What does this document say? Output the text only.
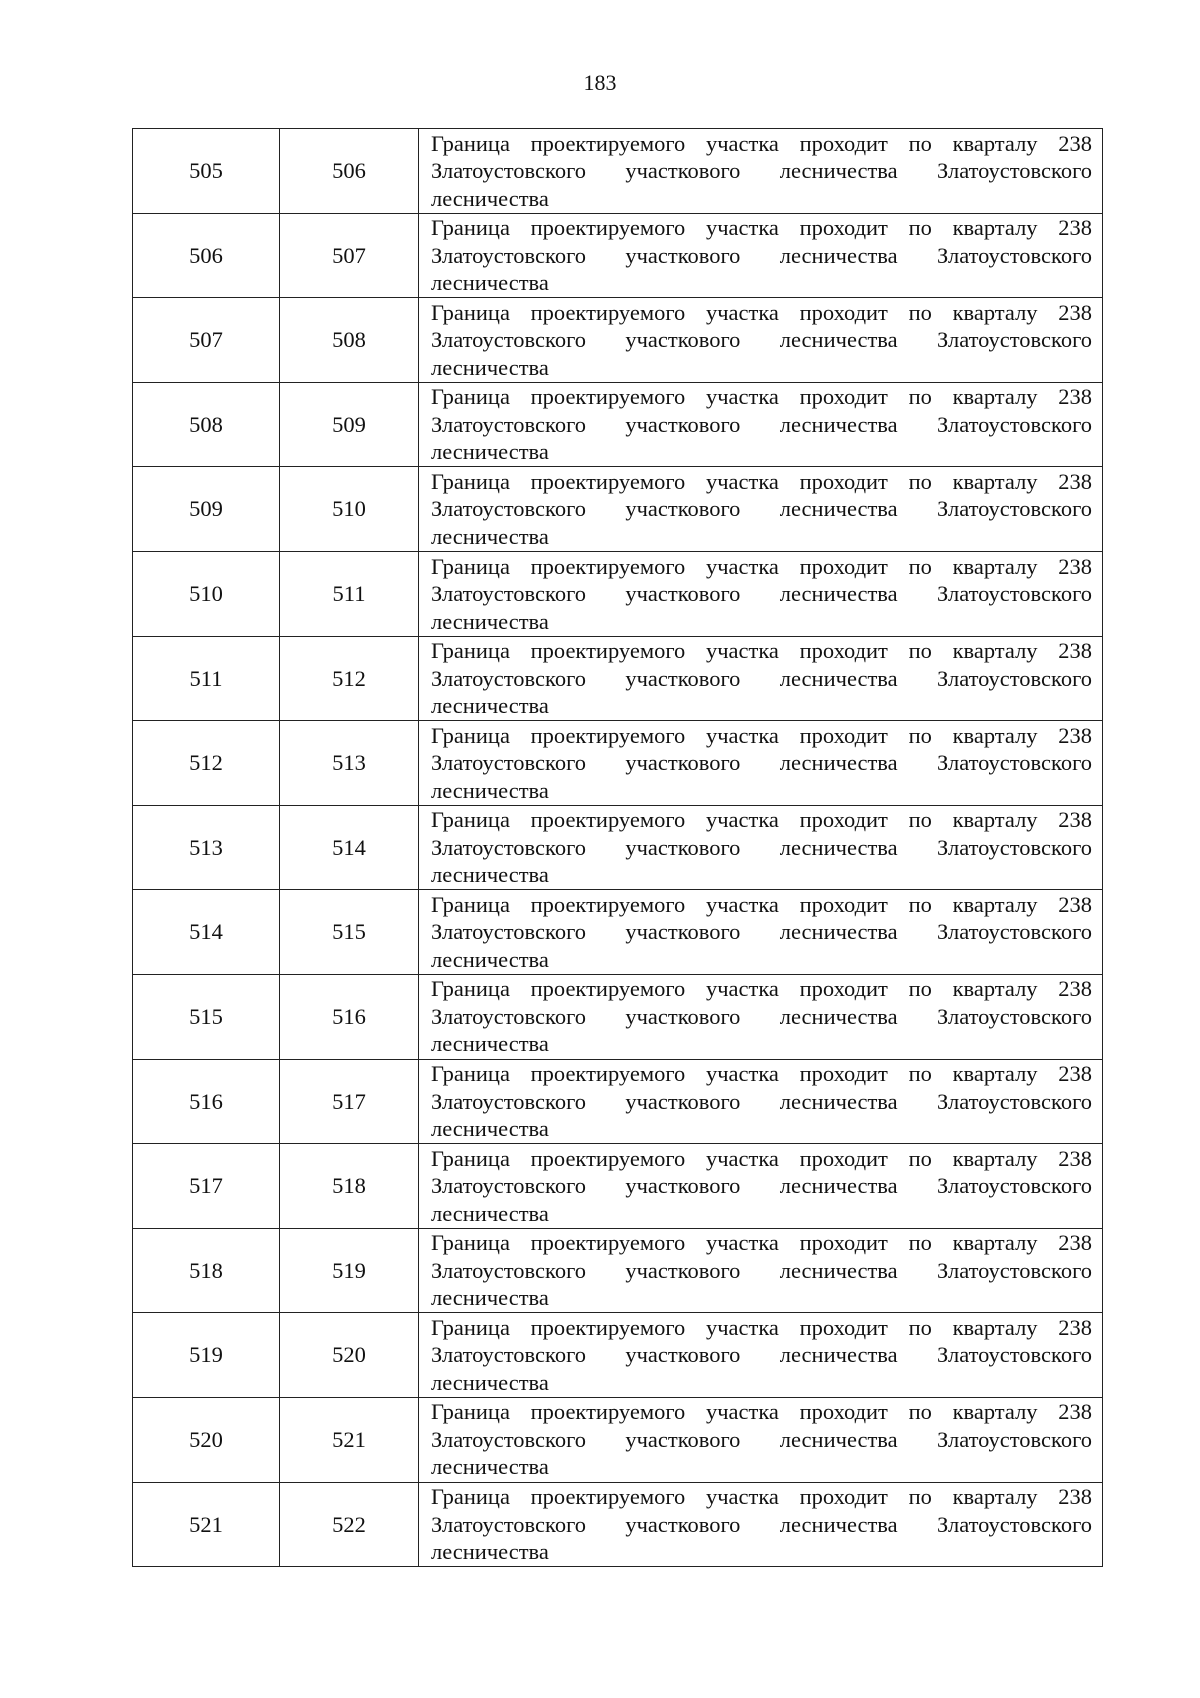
183
505	506	Граница проектируемого участка проходит по кварталу 238 Златоустовского участкового лесничества Златоустовского лесничества
506	507	Граница проектируемого участка проходит по кварталу 238 Златоустовского участкового лесничества Златоустовского лесничества
507	508	Граница проектируемого участка проходит по кварталу 238 Златоустовского участкового лесничества Златоустовского лесничества
508	509	Граница проектируемого участка проходит по кварталу 238 Златоустовского участкового лесничества Златоустовского лесничества
509	510	Граница проектируемого участка проходит по кварталу 238 Златоустовского участкового лесничества Златоустовского лесничества
510	511	Граница проектируемого участка проходит по кварталу 238 Златоустовского участкового лесничества Златоустовского лесничества
511	512	Граница проектируемого участка проходит по кварталу 238 Златоустовского участкового лесничества Златоустовского лесничества
512	513	Граница проектируемого участка проходит по кварталу 238 Златоустовского участкового лесничества Златоустовского лесничества
513	514	Граница проектируемого участка проходит по кварталу 238 Златоустовского участкового лесничества Златоустовского лесничества
514	515	Граница проектируемого участка проходит по кварталу 238 Златоустовского участкового лесничества Златоустовского лесничества
515	516	Граница проектируемого участка проходит по кварталу 238 Златоустовского участкового лесничества Златоустовского лесничества
516	517	Граница проектируемого участка проходит по кварталу 238 Златоустовского участкового лесничества Златоустовского лесничества
517	518	Граница проектируемого участка проходит по кварталу 238 Златоустовского участкового лесничества Златоустовского лесничества
518	519	Граница проектируемого участка проходит по кварталу 238 Златоустовского участкового лесничества Златоустовского лесничества
519	520	Граница проектируемого участка проходит по кварталу 238 Златоустовского участкового лесничества Златоустовского лесничества
520	521	Граница проектируемого участка проходит по кварталу 238 Златоустовского участкового лесничества Златоустовского лесничества
521	522	Граница проектируемого участка проходит по кварталу 238 Златоустовского участкового лесничества Златоустовского лесничества
